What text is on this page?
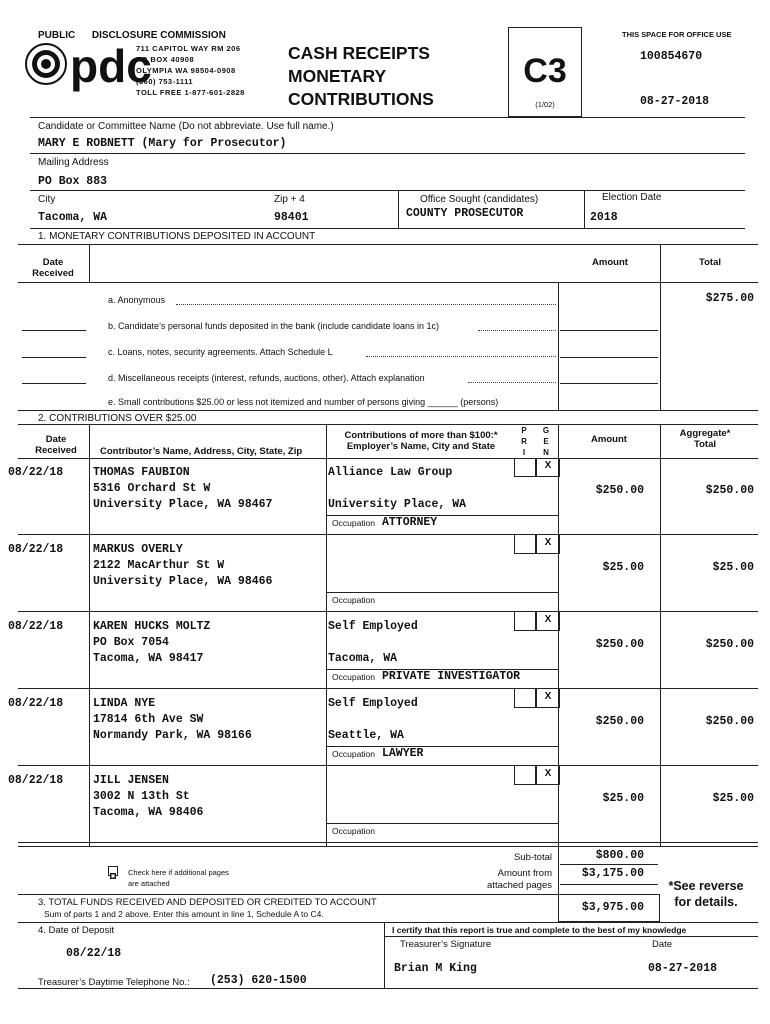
PUBLIC      DISCLOSURE COMMISSION
pdc
711 CAPITOL WAY RM 206
PO BOX 40908
OLYMPIA WA 98504-0908
(360) 753-1111
TOLL FREE 1-877-601-2828
CASH RECEIPTS
MONETARY
CONTRIBUTIONS
C3
(1/02)
THIS SPACE FOR OFFICE USE
100854670
08-27-2018
Candidate or Committee Name (Do not abbreviate. Use full name.)
MARY E ROBNETT (Mary for Prosecutor)
Mailing Address
PO Box 883
City
Tacoma, WA
Zip + 4
98401
Office Sought (candidates)
COUNTY PROSECUTOR
Election Date
2018
1. MONETARY CONTRIBUTIONS DEPOSITED IN ACCOUNT
Date Received
Amount	Total
a. Anonymous	$275.00
b. Candidate’s personal funds deposited in the bank (include candidate loans in 1c)
c. Loans, notes, security agreements. Attach Schedule L
d. Miscellaneous receipts (interest, refunds, auctions, other). Attach explanation
e. Small contributions $25.00 or less not itemized and number of persons giving ______ (persons)
2. CONTRIBUTIONS OVER $25.00
Date Received	Contributor’s Name, Address, City, State, Zip
Contributions of more than $100:* Employer’s Name, City and State
P R I
G E N
Amount
Aggregate* Total
08/22/18	THOMAS FAUBION
5316 Orchard St W
University Place, WA 98467
Alliance Law Group
University Place, WA
X
$250.00	$250.00
Occupation ATTORNEY
08/22/18	MARKUS OVERLY
2122 MacArthur St W
University Place, WA 98466
X
$25.00	$25.00
Occupation
08/22/18	KAREN HUCKS MOLTZ
PO Box 7054
Tacoma, WA 98417
Self Employed
Tacoma, WA
X
$250.00	$250.00
Occupation PRIVATE INVESTIGATOR
08/22/18	LINDA NYE
17814 6th Ave SW
Normandy Park, WA 98166
Self Employed
Seattle, WA
X
$250.00	$250.00
Occupation LAWYER
08/22/18	JILL JENSEN
3002 N 13th St
Tacoma, WA 98406
X
$25.00	$25.00
Occupation
Check here if additional pages are attached
Sub-total	$800.00
Amount from attached pages
$3,175.00
*See reverse for details.
3. TOTAL FUNDS RECEIVED AND DEPOSITED OR CREDITED TO ACCOUNT
Sum of parts 1 and 2 above. Enter this amount in line 1, Schedule A to C4.	$3,975.00
4. Date of Deposit
08/22/18
Treasurer’s Daytime Telephone No.: (253) 620-1500
I certify that this report is true and complete to the best of my knowledge
Treasurer’s Signature	Date
Brian M King	08-27-2018
